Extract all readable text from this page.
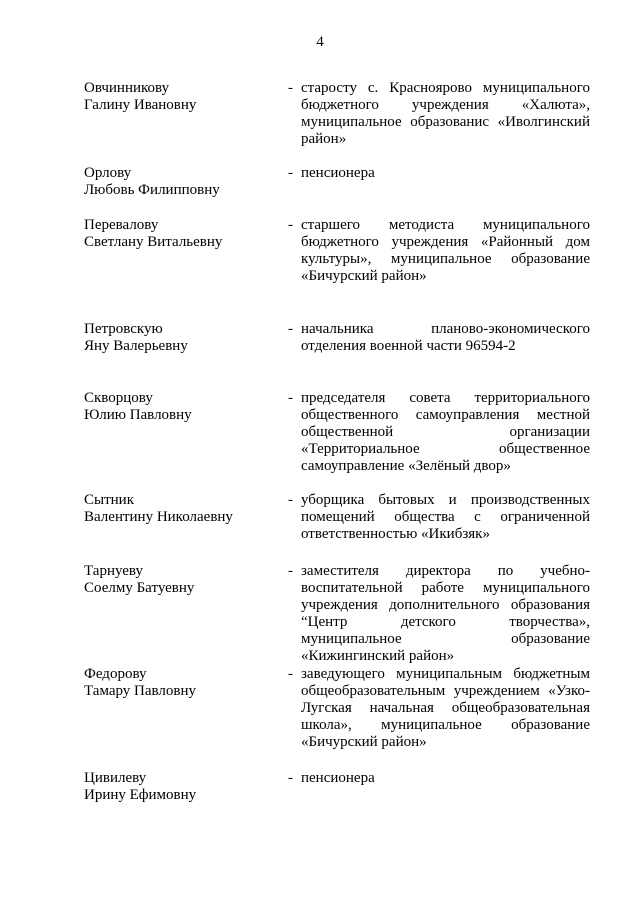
4
Овчинникову
Галину Ивановну
- старосту с. Краснoярово муниципального бюджетного учреждения «Халюта», муниципальное образованис «Иволгинский район»
Орлову
Любовь Филипповну
- пенсионера
Перевалову
Светлану Витальевну
- старшего методиста муниципального бюджетного учреждения «Районный дом культуры», муниципальное образование «Бичурский район»
Петровскую
Яну Валерьевну
- начальника планово-экономического отделения военной части 96594-2
Скворцову
Юлию Павловну
- председателя совета территориального общественного самоуправления местной общественной организации «Территориальное общественное самоуправление «Зелёный двор»
Сытник
Валентину Николаевну
- уборщика бытовых и производственных помещений общества с ограниченной ответственностью «Икибзяк»
Тарнуеву
Соелму Батуевну
- заместителя директора по учебно-воспитательной работе муниципального учреждения дополнительного образования “Центр детского творчества», муниципальное образование «Кижингинский район»
Федорову
Тамару Павловну
- заведующего муниципальным бюджетным общеобразовательным учреждением «Узко-Лугская начальная общеобразовательная школа», муниципальное образование «Бичурский район»
Цивилеву
Ирину Ефимовну
- пенсионера
